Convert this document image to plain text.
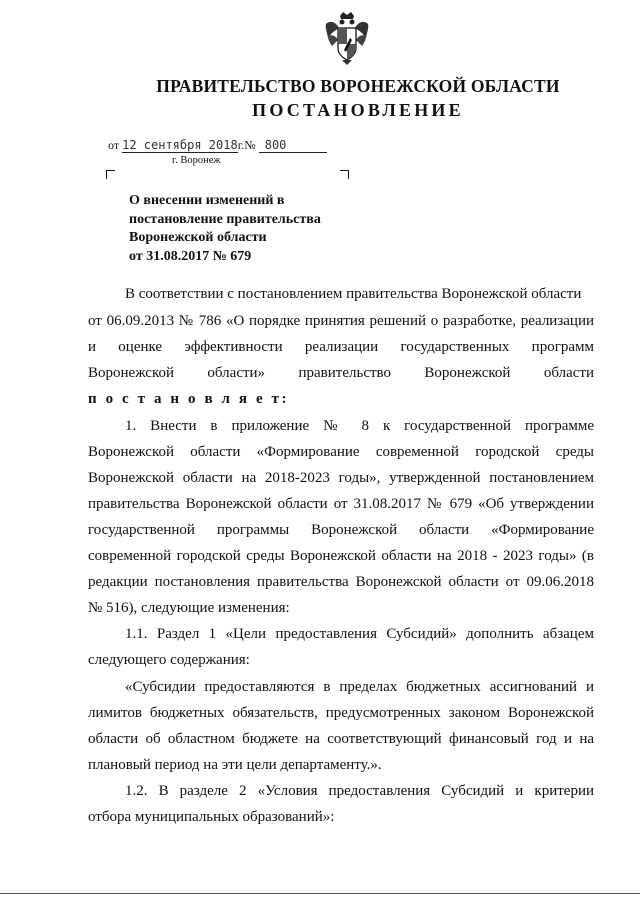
ПРАВИТЕЛЬСТВО ВОРОНЕЖСКОЙ ОБЛАСТИ
ПОСТАНОВЛЕНИЕ
от 12 сентября 2018г.№ 800
г. Воронеж
О внесении изменений в
постановление правительства
Воронежской области
от 31.08.2017 № 679
В соответствии с постановлением правительства Воронежской области
от 06.09.2013 № 786 «О порядке принятия решений о разработке, реализации
и оценке эффективности реализации государственных программ
Воронежской области» правительство Воронежской области
п о с т а н о в л я е т:
1. Внести в приложение № 8 к государственной программе
Воронежской области «Формирование современной городской среды
Воронежской области на 2018-2023 годы», утвержденной постановлением
правительства Воронежской области от 31.08.2017 № 679 «Об утверждении
государственной программы Воронежской области «Формирование
современной городской среды Воронежской области на 2018 - 2023 годы» (в
редакции постановления правительства Воронежской области от 09.06.2018
№ 516), следующие изменения:
1.1. Раздел 1 «Цели предоставления Субсидий» дополнить абзацем
следующего содержания:
«Субсидии предоставляются в пределах бюджетных ассигнований и
лимитов бюджетных обязательств, предусмотренных законом Воронежской
области об областном бюджете на соответствующий финансовый год и на
плановый период на эти цели департаменту.».
1.2. В разделе 2 «Условия предоставления Субсидий и критерии
отбора муниципальных образований»:
